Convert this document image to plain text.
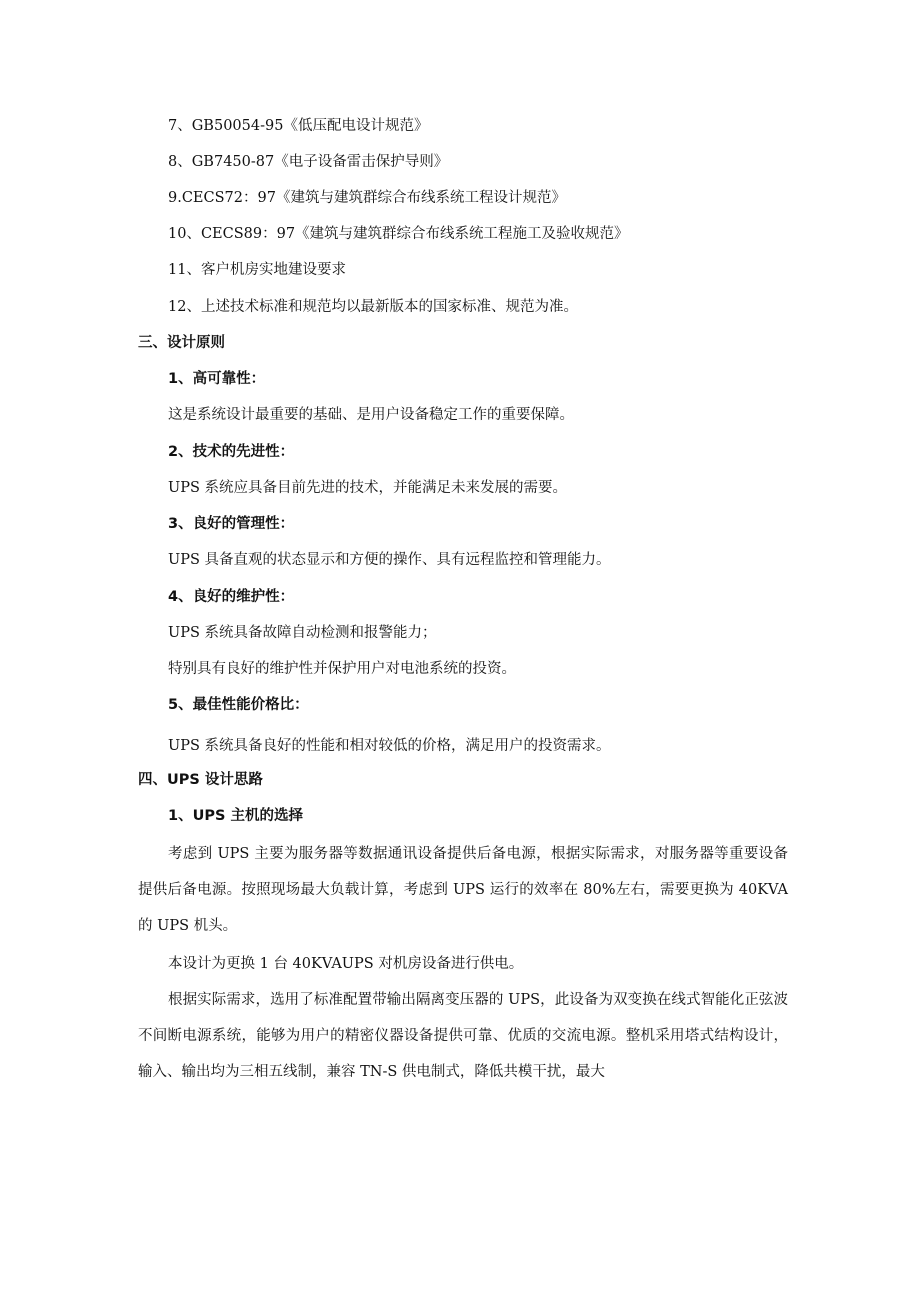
7、GB50054-95《低压配电设计规范》
8、GB7450-87《电子设备雷击保护导则》
9.CECS72：97《建筑与建筑群综合布线系统工程设计规范》
10、CECS89：97《建筑与建筑群综合布线系统工程施工及验收规范》
11、客户机房实地建设要求
12、上述技术标准和规范均以最新版本的国家标准、规范为准。
三、设计原则
1、高可靠性：
这是系统设计最重要的基础、是用户设备稳定工作的重要保障。
2、技术的先进性：
UPS 系统应具备目前先进的技术，并能满足未来发展的需要。
3、良好的管理性：
UPS 具备直观的状态显示和方便的操作、具有远程监控和管理能力。
4、良好的维护性：
UPS 系统具备故障自动检测和报警能力；
特别具有良好的维护性并保护用户对电池系统的投资。
5、最佳性能价格比：
UPS 系统具备良好的性能和相对较低的价格，满足用户的投资需求。
四、UPS 设计思路
1、UPS 主机的选择
考虑到 UPS 主要为服务器等数据通讯设备提供后备电源，根据实际需求，对服务器等重要设备提供后备电源。按照现场最大负载计算，考虑到 UPS 运行的效率在 80%左右，需要更换为 40KVA 的 UPS 机头。
本设计为更换 1 台 40KVAUPS 对机房设备进行供电。
根据实际需求，选用了标准配置带输出隔离变压器的 UPS，此设备为双变换在线式智能化正弦波不间断电源系统，能够为用户的精密仪器设备提供可靠、优质的交流电源。整机采用塔式结构设计，输入、输出均为三相五线制，兼容 TN-S 供电制式，降低共模干扰，最大
